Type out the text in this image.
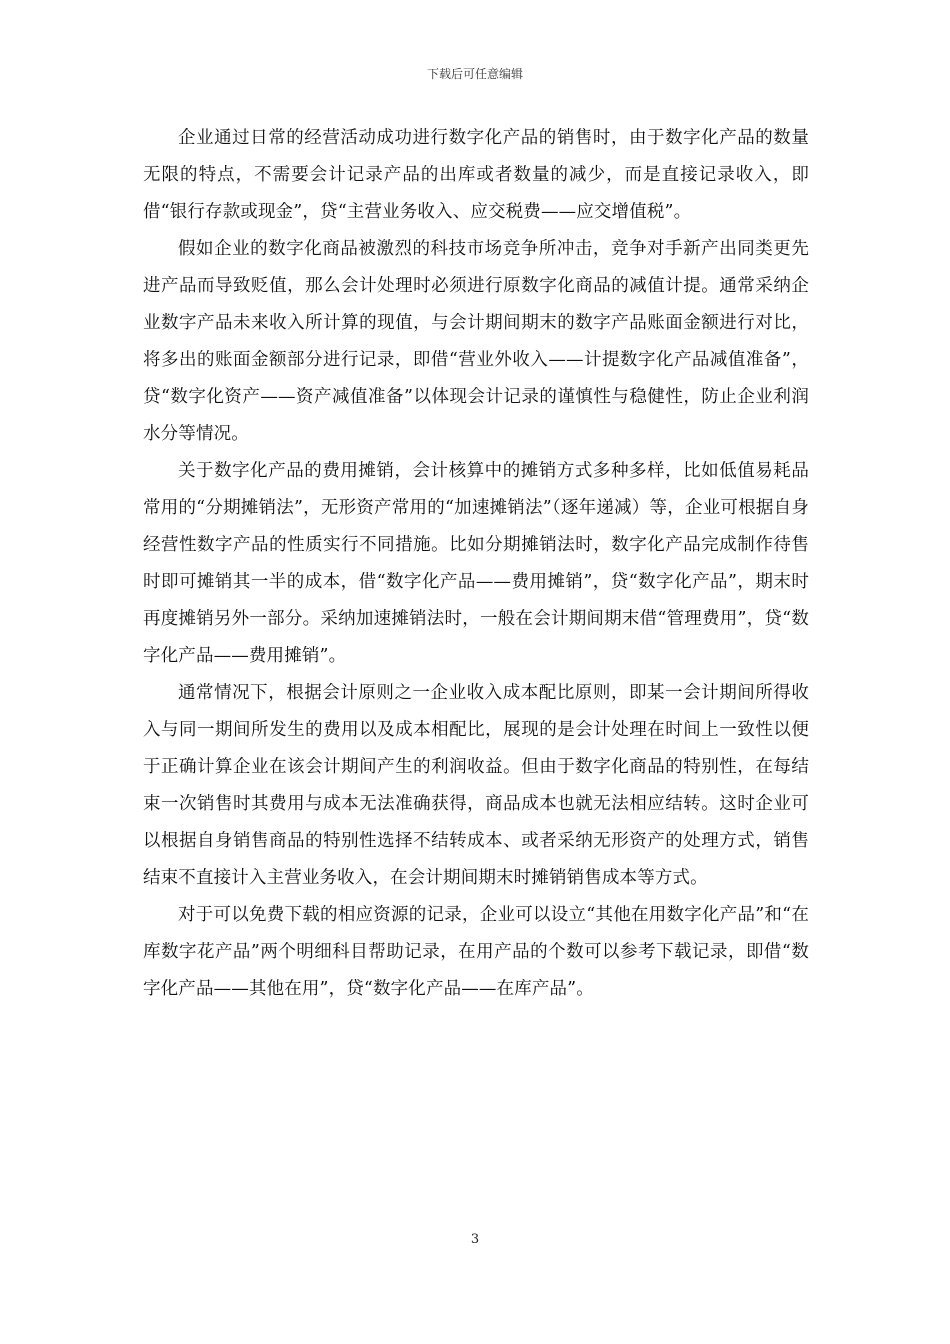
下载后可任意编辑

企业通过日常的经营活动成功进行数字化产品的销售时，由于数字化产品的数量无限的特点，不需要会计记录产品的出库或者数量的减少，而是直接记录收入，即借“银行存款或现金”，贷“主营业务收入、应交税费——应交增值税”。

假如企业的数字化商品被激烈的科技市场竞争所冲击，竞争对手新产出同类更先进产品而导致贬值，那么会计处理时必须进行原数字化商品的减值计提。通常采纳企业数字产品未来收入所计算的现值，与会计期间期末的数字产品账面金额进行对比，将多出的账面金额部分进行记录，即借“营业外收入——计提数字化产品减值准备”，贷“数字化资产——资产减值准备”以体现会计记录的谨慎性与稳健性，防止企业利润水分等情况。

关于数字化产品的费用摊销，会计核算中的摊销方式多种多样，比如低值易耗品常用的“分期摊销法”，无形资产常用的“加速摊销法”（逐年递减）等，企业可根据自身经营性数字产品的性质实行不同措施。比如分期摊销法时，数字化产品完成制作待售时即可摊销其一半的成本，借“数字化产品——费用摊销”，贷“数字化产品”，期末时再度摊销另外一部分。采纳加速摊销法时，一般在会计期间期末借“管理费用”，贷“数字化产品——费用摊销”。

通常情况下，根据会计原则之一企业收入成本配比原则，即某一会计期间所得收入与同一期间所发生的费用以及成本相配比，展现的是会计处理在时间上一致性以便于正确计算企业在该会计期间产生的利润收益。但由于数字化商品的特别性，在每结束一次销售时其费用与成本无法准确获得，商品成本也就无法相应结转。这时企业可以根据自身销售商品的特别性选择不结转成本、或者采纳无形资产的处理方式，销售结束不直接计入主营业务收入，在会计期间期末时摊销销售成本等方式。

对于可以免费下载的相应资源的记录，企业可以设立“其他在用数字化产品”和“在库数字花产品”两个明细科目帮助记录，在用产品的个数可以参考下载记录，即借“数字化产品——其他在用”，贷“数字化产品——在库产品”。

3
